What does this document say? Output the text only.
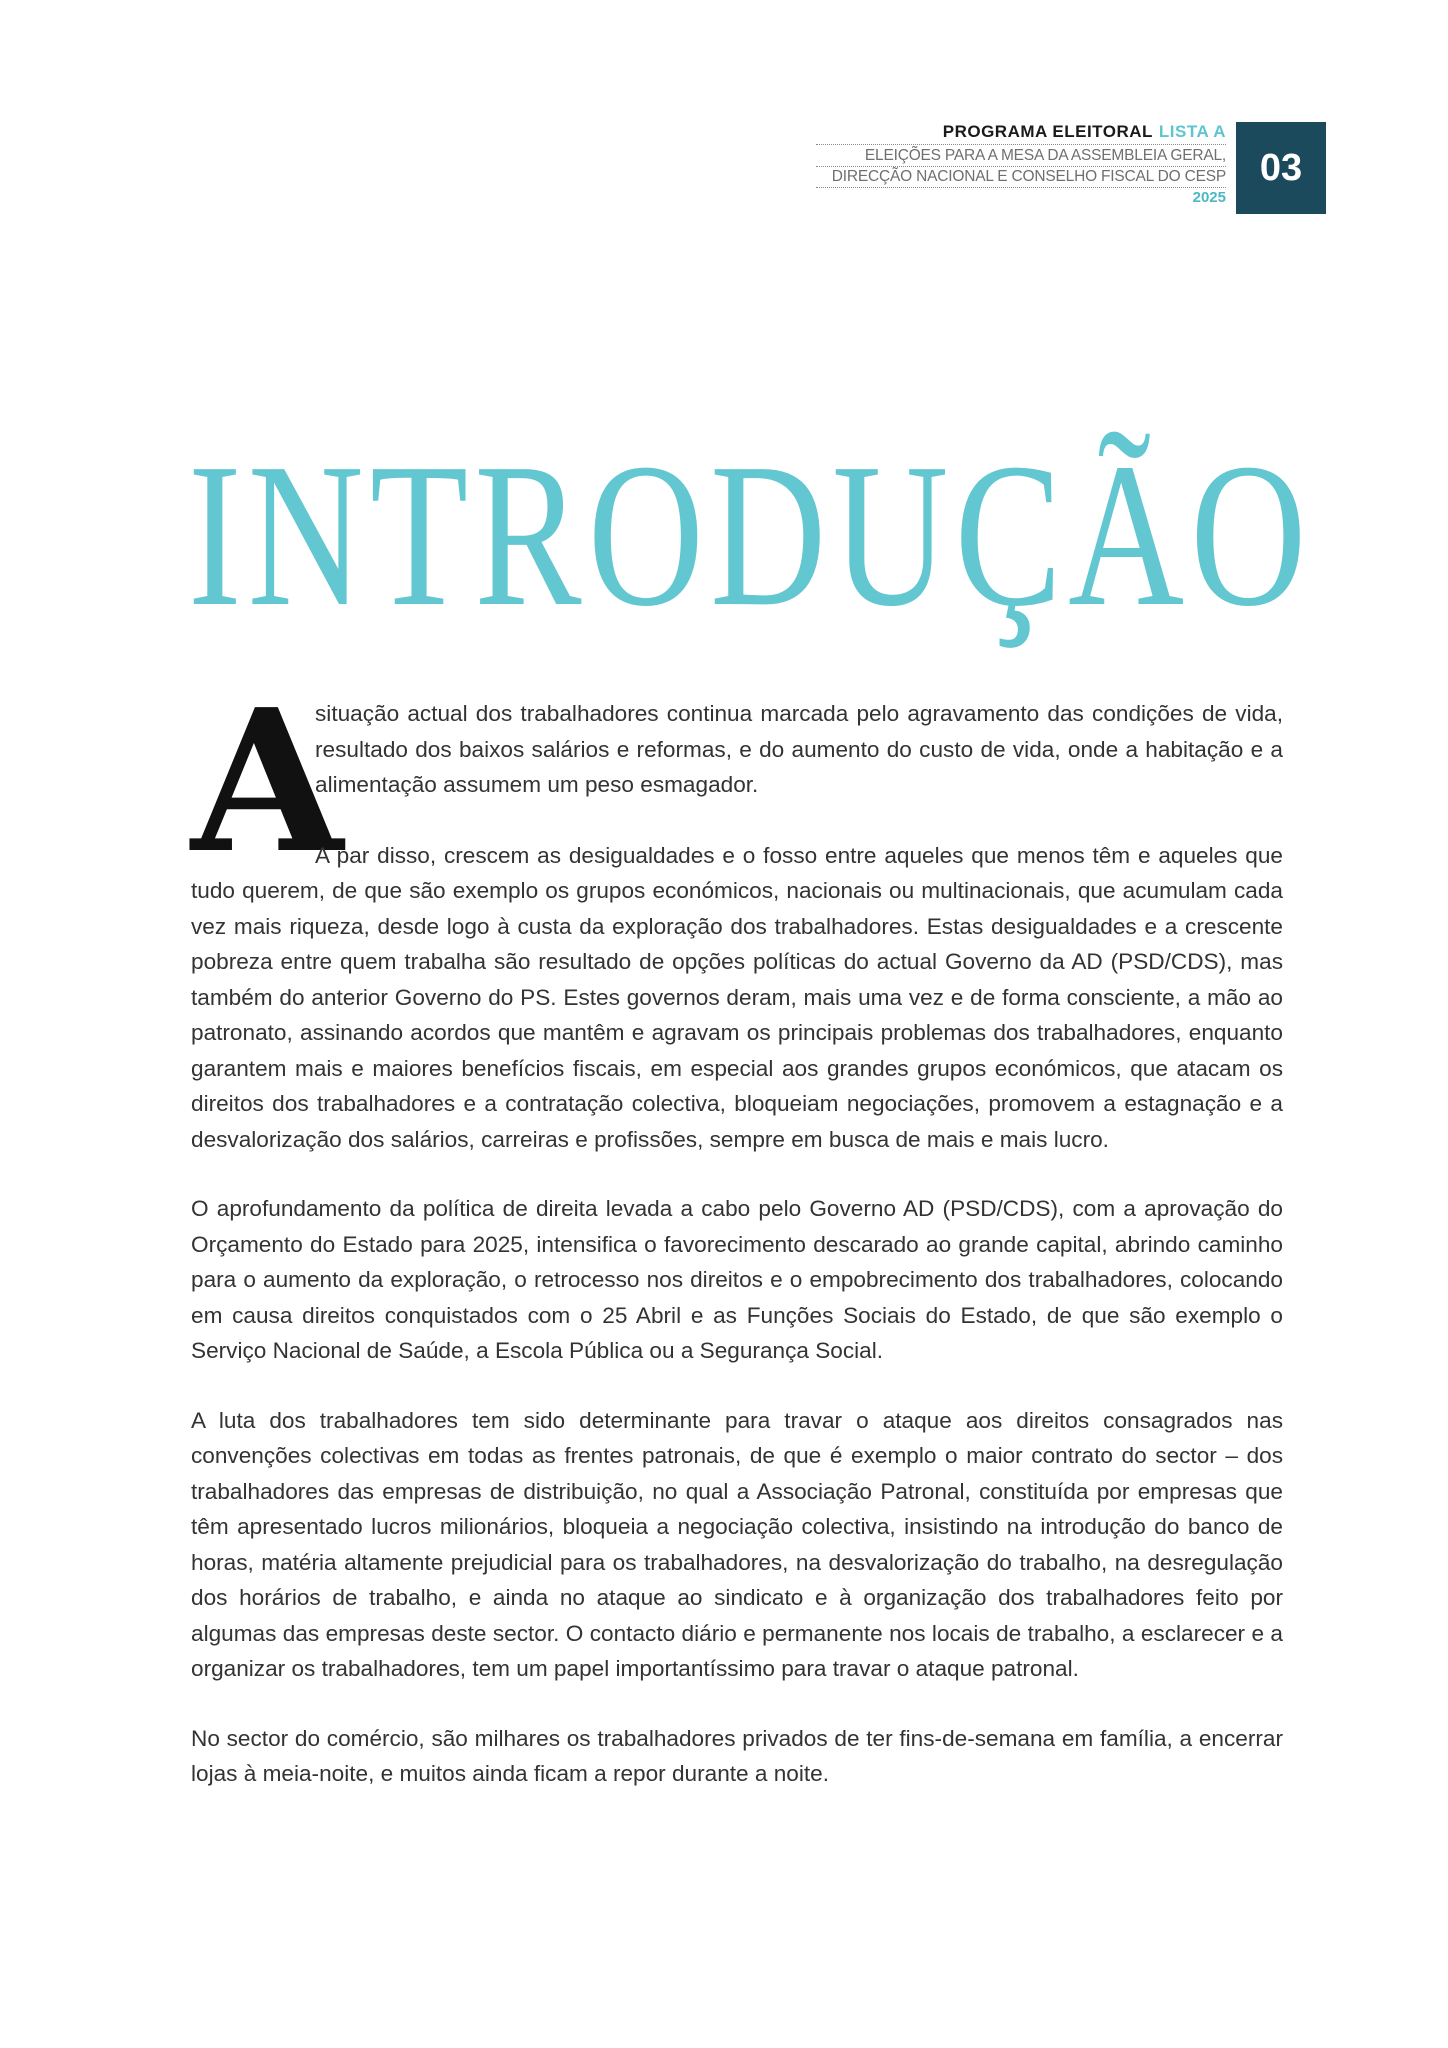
PROGRAMA ELEITORAL LISTA A
ELEIÇÕES PARA A MESA DA ASSEMBLEIA GERAL,
DIRECÇÃO NACIONAL E CONSELHO FISCAL DO CESP
2025
03
INTRODUÇÃO
A

situação actual dos trabalhadores continua marcada pelo agravamento das condições de vida, resultado dos baixos salários e reformas, e do aumento do custo de vida, onde a habitação e a alimentação assumem um peso esmagador.

A par disso, crescem as desigualdades e o fosso entre aqueles que menos têm e aqueles que tudo querem, de que são exemplo os grupos económicos, nacionais ou multinacionais, que acumulam cada vez mais riqueza, desde logo à custa da exploração dos trabalhadores. Estas desigualdades e a crescente pobreza entre quem trabalha são resultado de opções políticas do actual Governo da AD (PSD/CDS), mas também do anterior Governo do PS. Estes governos deram, mais uma vez e de forma consciente, a mão ao patronato, assinando acordos que mantêm e agravam os principais problemas dos trabalhadores, enquanto garantem mais e maiores benefícios fiscais, em especial aos grandes grupos económicos, que atacam os direitos dos trabalhadores e a contratação colectiva, bloqueiam negociações, promovem a estagnação e a desvalorização dos salários, carreiras e profissões, sempre em busca de mais e mais lucro.

O aprofundamento da política de direita levada a cabo pelo Governo AD (PSD/CDS), com a aprovação do Orçamento do Estado para 2025, intensifica o favorecimento descarado ao grande capital, abrindo caminho para o aumento da exploração, o retrocesso nos direitos e o empobrecimento dos trabalhadores, colocando em causa direitos conquistados com o 25 Abril e as Funções Sociais do Estado, de que são exemplo o Serviço Nacional de Saúde, a Escola Pública ou a Segurança Social.

A luta dos trabalhadores tem sido determinante para travar o ataque aos direitos consagrados nas convenções colectivas em todas as frentes patronais, de que é exemplo o maior contrato do sector – dos trabalhadores das empresas de distribuição, no qual a Associação Patronal, constituída por empresas que têm apresentado lucros milionários, bloqueia a negociação colectiva, insistindo na introdução do banco de horas, matéria altamente prejudicial para os trabalhadores, na desvalorização do trabalho, na desregulação dos horários de trabalho, e ainda no ataque ao sindicato e à organização dos trabalhadores feito por algumas das empresas deste sector. O contacto diário e permanente nos locais de trabalho, a esclarecer e a organizar os trabalhadores, tem um papel importantíssimo para travar o ataque patronal.

No sector do comércio, são milhares os trabalhadores privados de ter fins-de-semana em família, a encerrar lojas à meia-noite, e muitos ainda ficam a repor durante a noite.
